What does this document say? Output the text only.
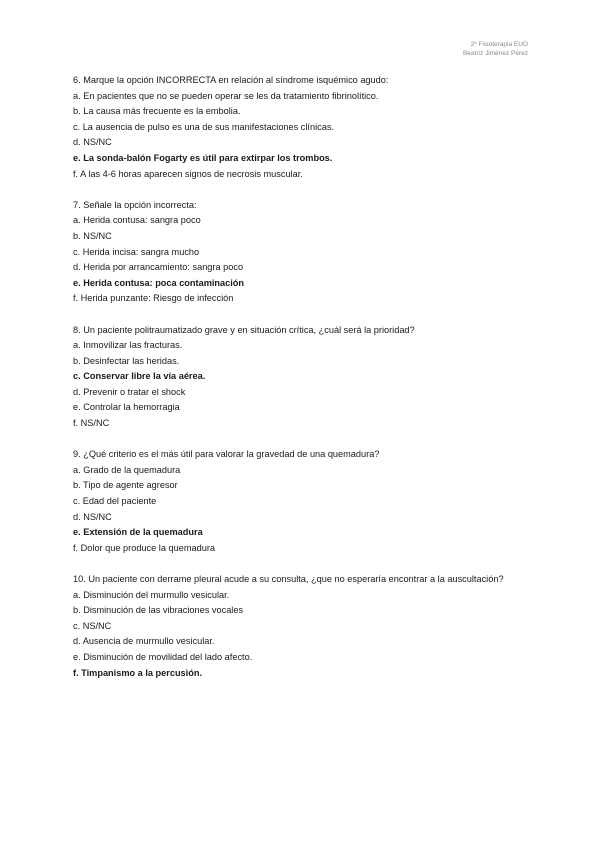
2º Fisioterapia EUO
Beatriz Jiménez Pérez
6. Marque la opción INCORRECTA en relación al síndrome isquémico agudo:
a. En pacientes que no se pueden operar se les da tratamiento fibrinolítico.
b. La causa más frecuente es la embolia.
c. La ausencia de pulso es una de sus manifestaciones clínicas.
d. NS/NC
e. La sonda-balón Fogarty es útil para extirpar los trombos.
f. A las 4-6 horas aparecen signos de necrosis muscular.
7. Señale la opción incorrecta:
a. Herida contusa: sangra poco
b. NS/NC
c. Herida incisa: sangra mucho
d. Herida por arrancamiento: sangra poco
e. Herida contusa: poca contaminación
f. Herida punzante: Riesgo de infección
8. Un paciente politraumatizado grave y en situación crítica, ¿cuál será la prioridad?
a. Inmovilizar las fracturas.
b. Desinfectar las heridas.
c. Conservar libre la vía aérea.
d. Prevenir o tratar el shock
e. Controlar la hemorragia
f. NS/NC
9. ¿Qué criterio es el más útil para valorar la gravedad de una quemadura?
a. Grado de la quemadura
b. Tipo de agente agresor
c. Edad del paciente
d. NS/NC
e. Extensión de la quemadura
f. Dolor que produce la quemadura
10. Un paciente con derrame pleural acude a su consulta, ¿que no esperaría encontrar a la auscultación?
a. Disminución del murmullo vesicular.
b. Disminución de las vibraciones vocales
c. NS/NC
d. Ausencia de murmullo vesicular.
e. Disminución de movilidad del lado afecto.
f. Timpanismo a la percusión.
